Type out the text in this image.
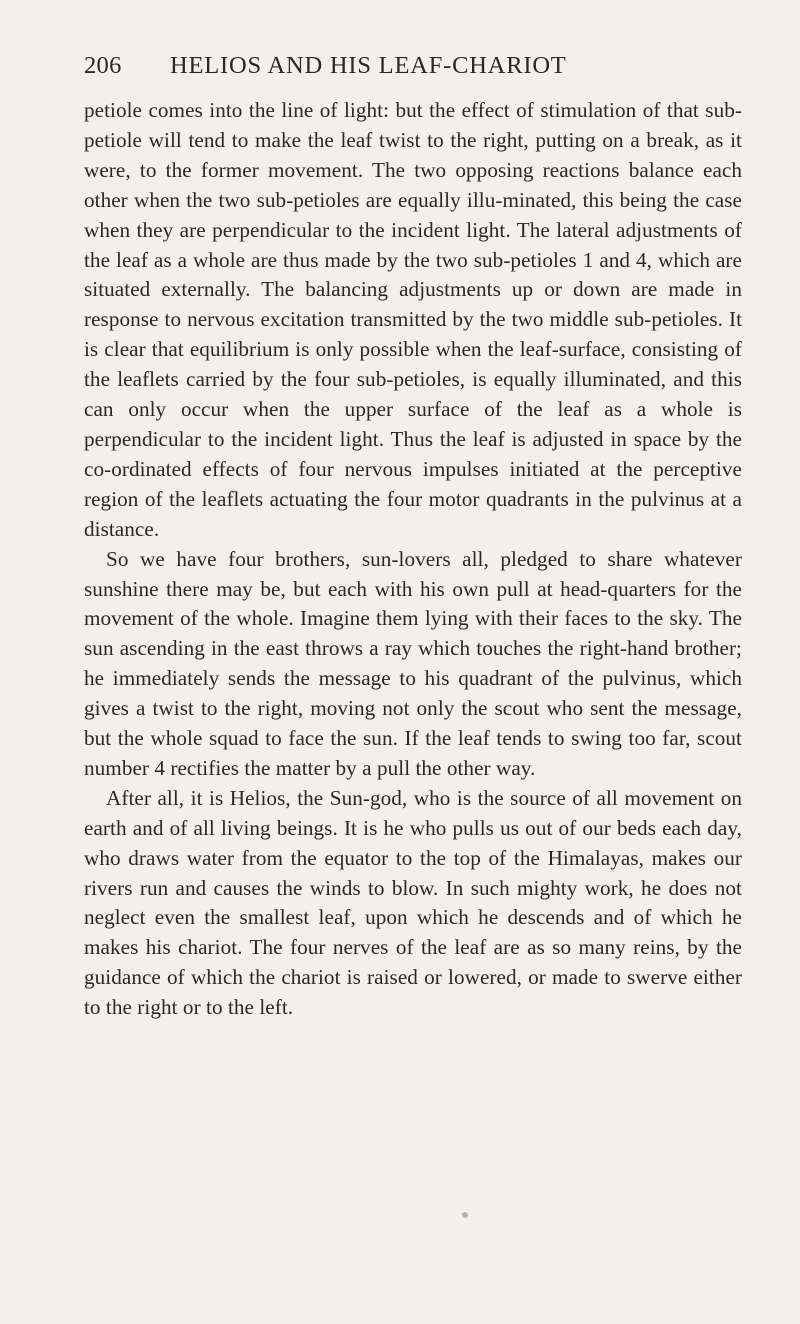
206	HELIOS AND HIS LEAF-CHARIOT

petiole comes into the line of light: but the effect of stimulation of that sub-petiole will tend to make the leaf twist to the right, putting on a break, as it were, to the former movement. The two opposing reactions balance each other when the two sub-petioles are equally illu-minated, this being the case when they are perpendicular to the incident light. The lateral adjustments of the leaf as a whole are thus made by the two sub-petioles 1 and 4, which are situated externally. The balancing adjustments up or down are made in response to nervous excitation transmitted by the two middle sub-petioles. It is clear that equilibrium is only possible when the leaf-surface, consisting of the leaflets carried by the four sub-petioles, is equally illuminated, and this can only occur when the upper surface of the leaf as a whole is perpendicular to the incident light. Thus the leaf is adjusted in space by the co-ordinated effects of four nervous impulses initiated at the perceptive region of the leaflets actuating the four motor quadrants in the pulvinus at a distance.

So we have four brothers, sun-lovers all, pledged to share whatever sunshine there may be, but each with his own pull at head-quarters for the movement of the whole. Imagine them lying with their faces to the sky. The sun ascending in the east throws a ray which touches the right-hand brother; he immediately sends the message to his quadrant of the pulvinus, which gives a twist to the right, moving not only the scout who sent the message, but the whole squad to face the sun. If the leaf tends to swing too far, scout number 4 rectifies the matter by a pull the other way.

After all, it is Helios, the Sun-god, who is the source of all movement on earth and of all living beings. It is he who pulls us out of our beds each day, who draws water from the equator to the top of the Himalayas, makes our rivers run and causes the winds to blow. In such mighty work, he does not neglect even the smallest leaf, upon which he descends and of which he makes his chariot. The four nerves of the leaf are as so many reins, by the guidance of which the chariot is raised or lowered, or made to swerve either to the right or to the left.
